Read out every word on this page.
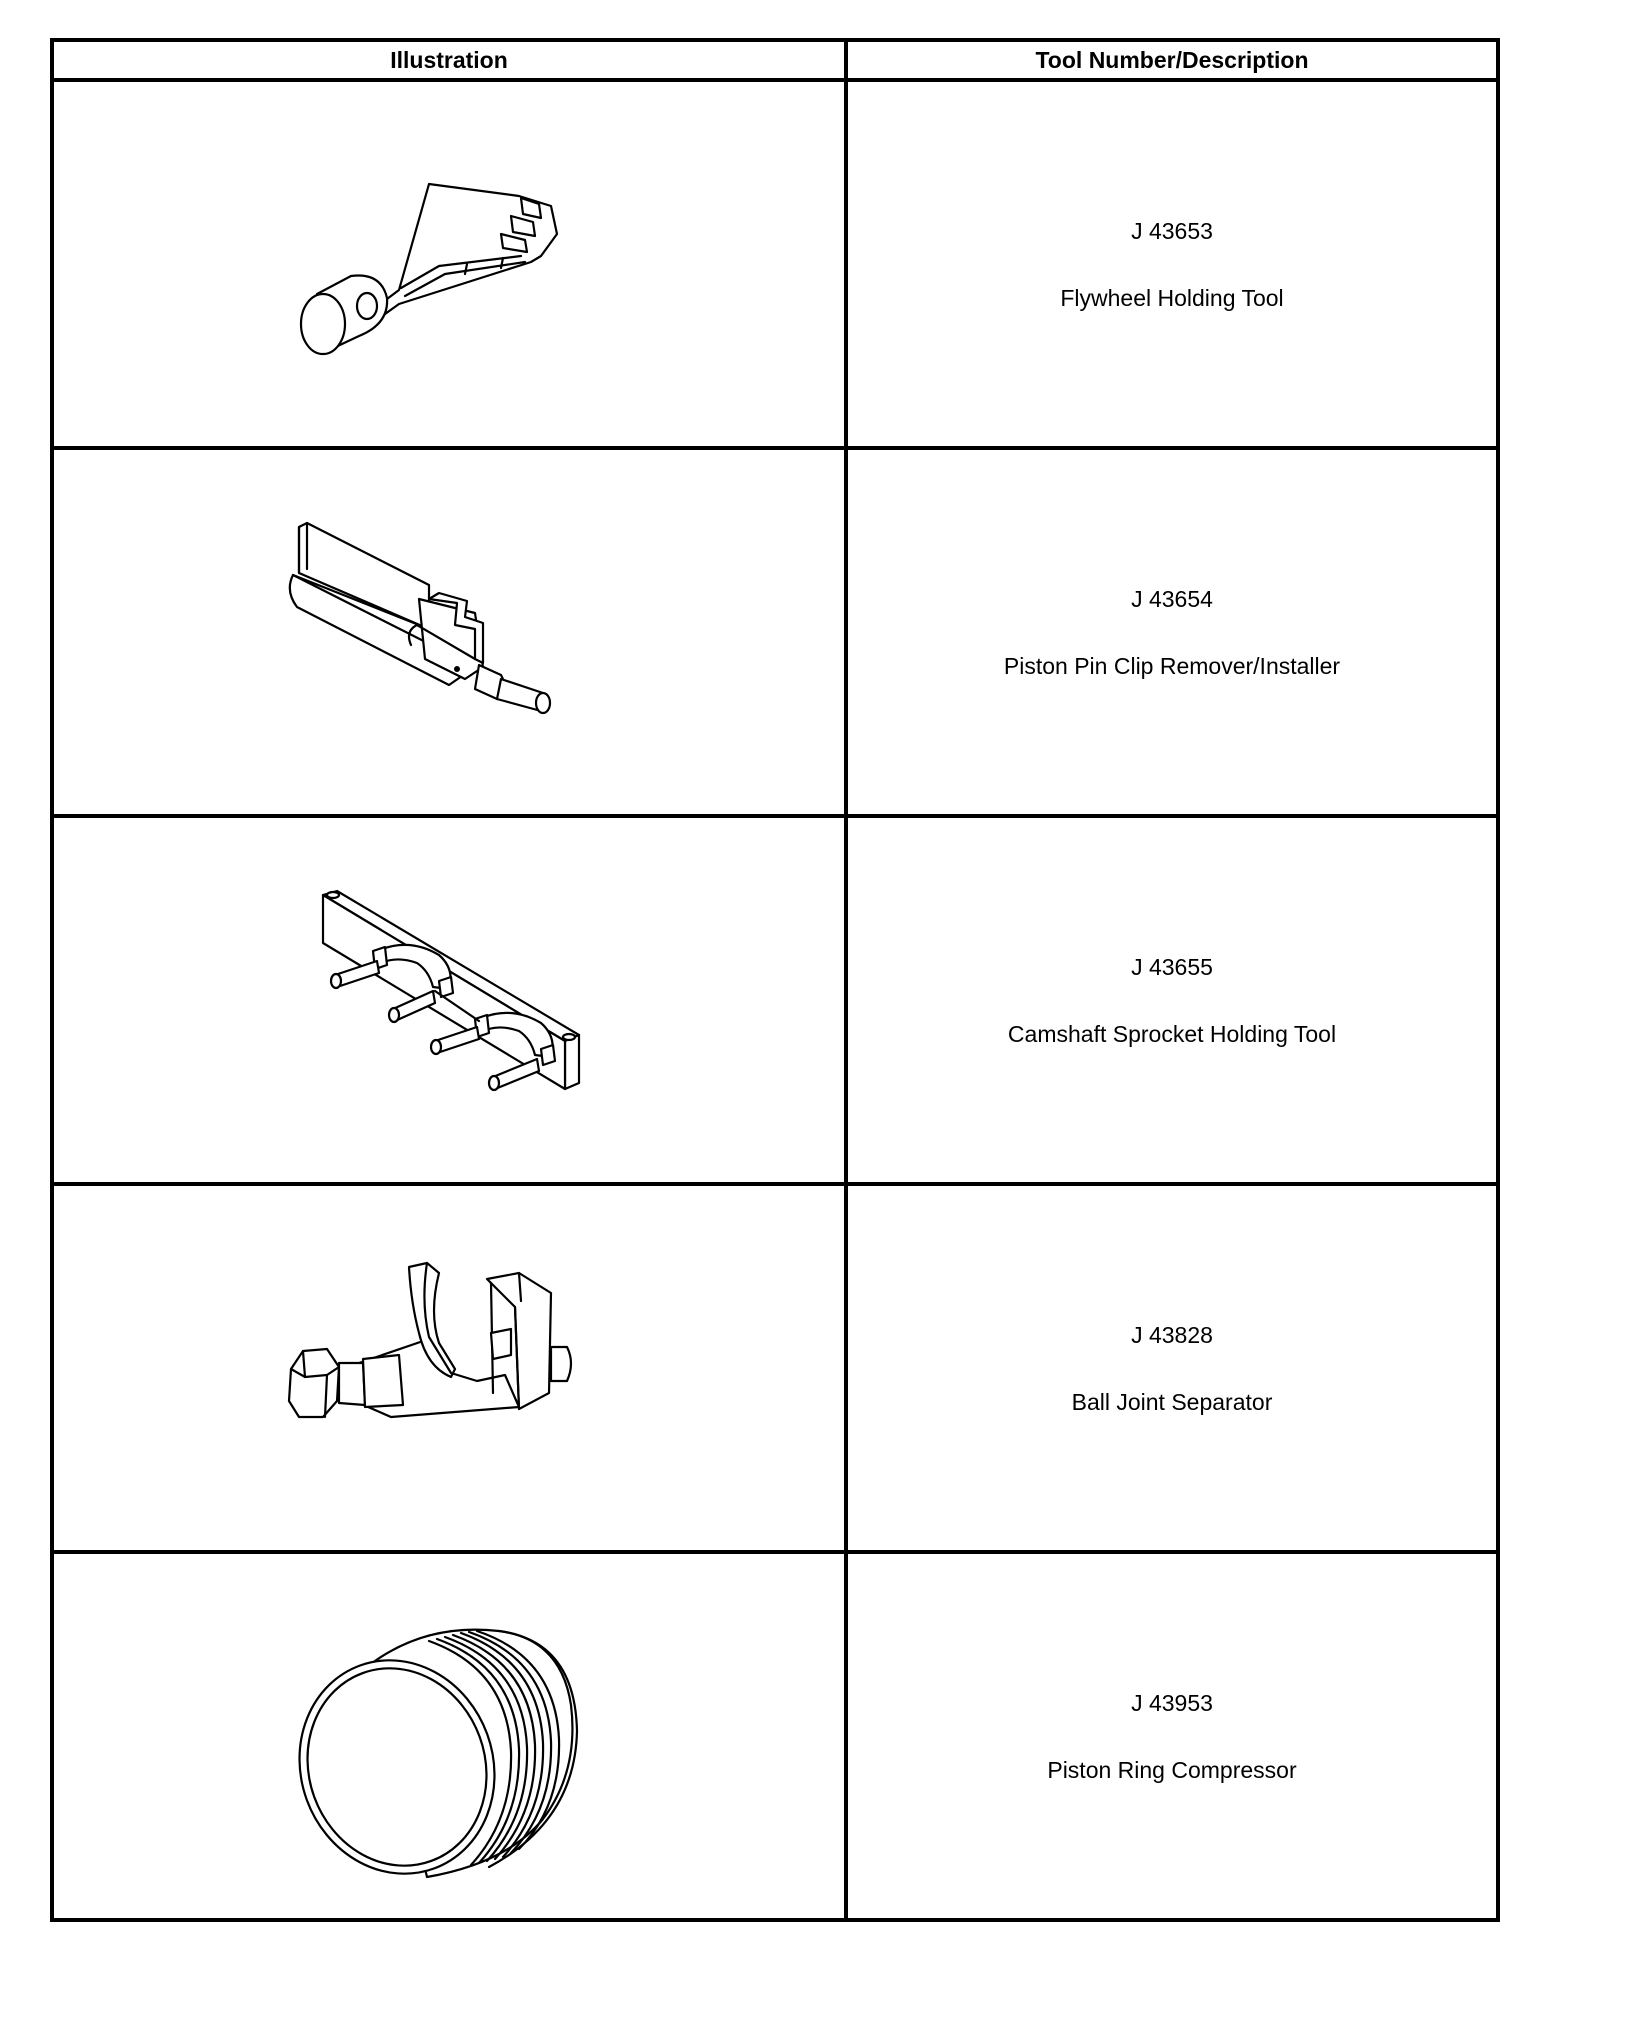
Illustration	Tool Number/Description

J 43653
Flywheel Holding Tool

J 43654
Piston Pin Clip Remover/Installer

J 43655
Camshaft Sprocket Holding Tool

J 43828
Ball Joint Separator

J 43953
Piston Ring Compressor
